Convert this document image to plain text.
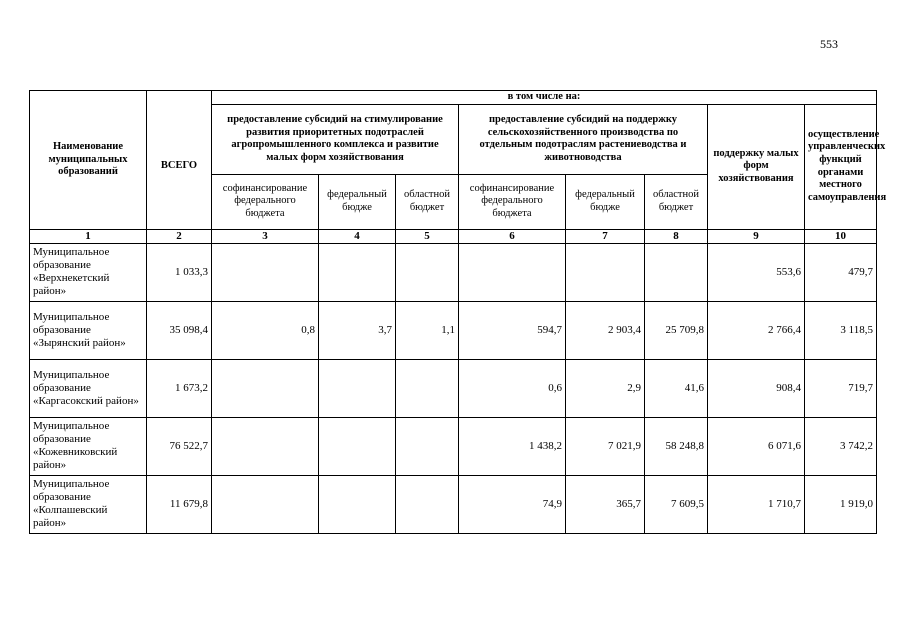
553
Наименование муниципальных образований		в том числе на:							
	ВСЕГО	предоставление субсидий на стимулирование развития приоритетных подотраслей агропромышленного комплекса и развитие малых форм хозяйствования			предоставление субсидий на поддержку сельскохозяйственного производства по отдельным подотраслям растениеводства и животноводства			поддержку малых форм хозяйствования	осуществление управленческих функций органами местного самоуправления
		софинансирование федерального бюджета	федеральный бюдже	областной бюджет	софинансирование федерального бюджета	федеральный бюдже	областной бюджет		
1	2	3	4	5	6	7	8	9	10
Муниципальное образование «Верхнекетский район»	1 033,3							553,6	479,7
Муниципальное образование «Зырянский район»	35 098,4	0,8	3,7	1,1	594,7	2 903,4	25 709,8	2 766,4	3 118,5
Муниципальное образование «Каргасокский район»	1 673,2				0,6	2,9	41,6	908,4	719,7
Муниципальное образование «Кожевниковский район»	76 522,7				1 438,2	7 021,9	58 248,8	6 071,6	3 742,2
Муниципальное образование «Колпашевский район»	11 679,8				74,9	365,7	7 609,5	1 710,7	1 919,0
